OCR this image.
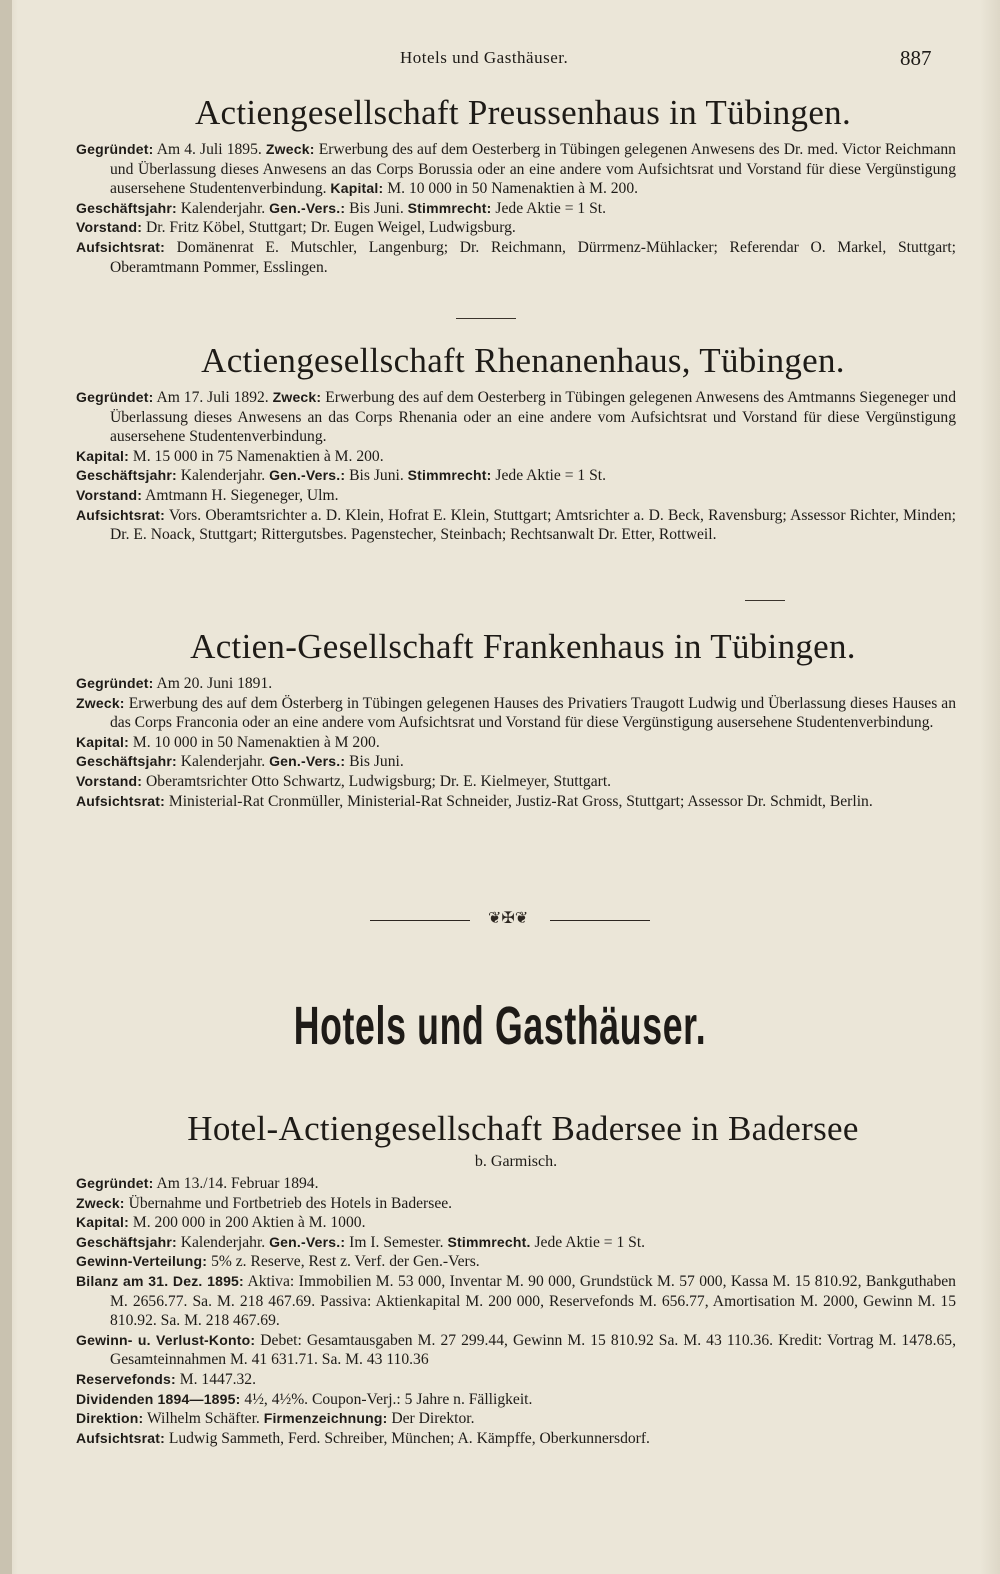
Hotels und Gasthäuser.	887
Actiengesellschaft Preussenhaus in Tübingen.

Gegründet: Am 4. Juli 1895. Zweck: Erwerbung des auf dem Oesterberg in Tübingen gelegenen Anwesens des Dr. med. Victor Reichmann und Überlassung dieses Anwesens an das Corps Borussia oder an eine andere vom Aufsichtsrat und Vorstand für diese Vergünstigung ausersehene Studentenverbindung. Kapital: M. 10 000 in 50 Namenaktien à M. 200.

Geschäftsjahr: Kalenderjahr. Gen.-Vers.: Bis Juni. Stimmrecht: Jede Aktie = 1 St.

Vorstand: Dr. Fritz Köbel, Stuttgart; Dr. Eugen Weigel, Ludwigsburg.

Aufsichtsrat: Domänenrat E. Mutschler, Langenburg; Dr. Reichmann, Dürrmenz-Mühlacker; Referendar O. Markel, Stuttgart; Oberamtmann Pommer, Esslingen.

Actiengesellschaft Rhenanenhaus, Tübingen.

Gegründet: Am 17. Juli 1892. Zweck: Erwerbung des auf dem Oesterberg in Tübingen gelegenen Anwesens des Amtmanns Siegeneger und Überlassung dieses Anwesens an das Corps Rhenania oder an eine andere vom Aufsichtsrat und Vorstand für diese Vergünstigung ausersehene Studentenverbindung.

Kapital: M. 15 000 in 75 Namenaktien à M. 200.

Geschäftsjahr: Kalenderjahr. Gen.-Vers.: Bis Juni. Stimmrecht: Jede Aktie = 1 St.

Vorstand: Amtmann H. Siegeneger, Ulm.

Aufsichtsrat: Vors. Oberamtsrichter a. D. Klein, Hofrat E. Klein, Stuttgart; Amtsrichter a. D. Beck, Ravensburg; Assessor Richter, Minden; Dr. E. Noack, Stuttgart; Rittergutsbes. Pagenstecher, Steinbach; Rechtsanwalt Dr. Etter, Rottweil.

Actien-Gesellschaft Frankenhaus in Tübingen.

Gegründet: Am 20. Juni 1891.

Zweck: Erwerbung des auf dem Österberg in Tübingen gelegenen Hauses des Privatiers Traugott Ludwig und Überlassung dieses Hauses an das Corps Franconia oder an eine andere vom Aufsichtsrat und Vorstand für diese Vergünstigung ausersehene Studentenverbindung.

Kapital: M. 10 000 in 50 Namenaktien à M 200.

Geschäftsjahr: Kalenderjahr. Gen.-Vers.: Bis Juni.

Vorstand: Oberamtsrichter Otto Schwartz, Ludwigsburg; Dr. E. Kielmeyer, Stuttgart.

Aufsichtsrat: Ministerial-Rat Cronmüller, Ministerial-Rat Schneider, Justiz-Rat Gross, Stuttgart; Assessor Dr. Schmidt, Berlin.

❦✠❦
Hotels und Gasthäuser.
Hotel-Actiengesellschaft Badersee in Badersee
b. Garmisch.

Gegründet: Am 13./14. Februar 1894.

Zweck: Übernahme und Fortbetrieb des Hotels in Badersee.

Kapital: M. 200 000 in 200 Aktien à M. 1000.

Geschäftsjahr: Kalenderjahr. Gen.-Vers.: Im I. Semester. Stimmrecht. Jede Aktie = 1 St.

Gewinn-Verteilung: 5% z. Reserve, Rest z. Verf. der Gen.-Vers.

Bilanz am 31. Dez. 1895: Aktiva: Immobilien M. 53 000, Inventar M. 90 000, Grundstück M. 57 000, Kassa M. 15 810.92, Bankguthaben M. 2656.77. Sa. M. 218 467.69. Passiva: Aktienkapital M. 200 000, Reservefonds M. 656.77, Amortisation M. 2000, Gewinn M. 15 810.92. Sa. M. 218 467.69.

Gewinn- u. Verlust-Konto: Debet: Gesamtausgaben M. 27 299.44, Gewinn M. 15 810.92 Sa. M. 43 110.36. Kredit: Vortrag M. 1478.65, Gesamteinnahmen M. 41 631.71. Sa. M. 43 110.36

Reservefonds: M. 1447.32.

Dividenden 1894—1895: 4½, 4½%. Coupon-Verj.: 5 Jahre n. Fälligkeit.

Direktion: Wilhelm Schäfter. Firmenzeichnung: Der Direktor.

Aufsichtsrat: Ludwig Sammeth, Ferd. Schreiber, München; A. Kämpffe, Oberkunnersdorf.
